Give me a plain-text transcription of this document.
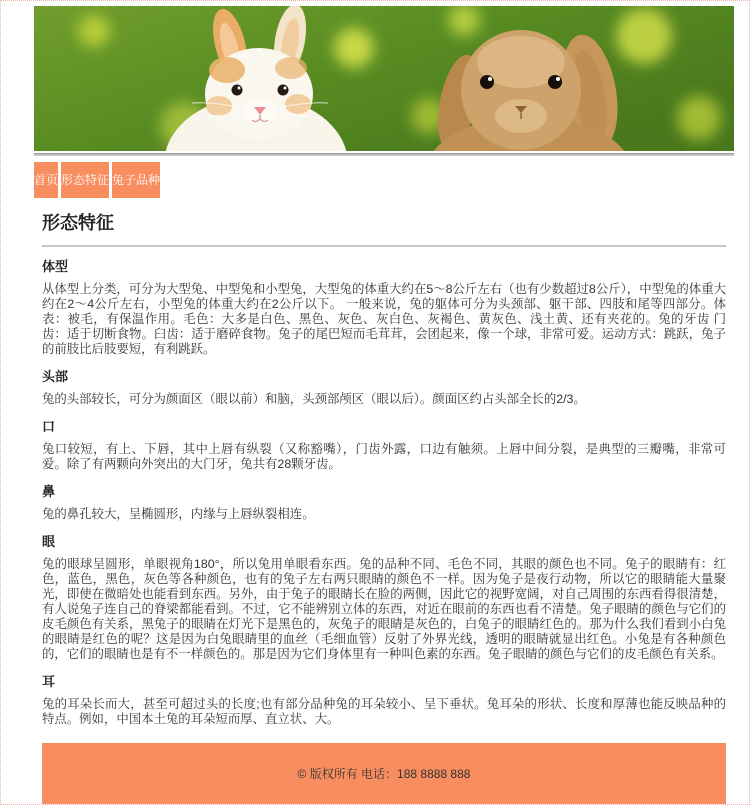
首页 形态特征 兔子品种
形态特征
体型

从体型上分类，可分为大型兔、中型兔和小型兔，大型兔的体重大约在5～8公斤左右（也有少数超过8公斤），中型兔的体重大约在2～4公斤左右，小型兔的体重大约在2公斤以下。 一般来说，兔的躯体可分为头颈部、躯干部、四肢和尾等四部分。体表：被毛，有保温作用。毛色：大多是白色、黑色、灰色、灰白色、灰褐色、黄灰色、浅土黄、还有夹花的。兔的牙齿 门齿：适于切断食物。臼齿：适于磨碎食物。兔子的尾巴短而毛茸茸，会团起来，像一个球，非常可爱。运动方式：跳跃，兔子的前肢比后肢要短，有利跳跃。

头部

兔的头部较长，可分为颜面区（眼以前）和脑，头颈部颅区（眼以后）。颜面区约占头部全长的2/3。

口

兔口较短，有上、下唇，其中上唇有纵裂（又称豁嘴），门齿外露，口边有触须。上唇中间分裂，是典型的三瓣嘴，非常可爱。除了有两颗向外突出的大门牙，兔共有28颗牙齿。

鼻

兔的鼻孔较大，呈椭圆形，内缘与上唇纵裂相连。

眼

兔的眼球呈圆形，单眼视角180°，所以兔用单眼看东西。兔的品种不同、毛色不同，其眼的颜色也不同。兔子的眼睛有：红色，蓝色，黑色，灰色等各种颜色，也有的兔子左右两只眼睛的颜色不一样。因为兔子是夜行动物，所以它的眼睛能大量聚光，即使在微暗处也能看到东西。另外，由于兔子的眼睛长在脸的两侧，因此它的视野宽阔，对自己周围的东西看得很清楚，有人说兔子连自己的脊梁都能看到。不过，它不能辨别立体的东西，对近在眼前的东西也看不清楚。兔子眼睛的颜色与它们的皮毛颜色有关系，黑兔子的眼睛在灯光下是黑色的，灰兔子的眼睛是灰色的，白兔子的眼睛红色的。那为什么我们看到小白兔的眼睛是红色的呢？这是因为白兔眼睛里的血丝（毛细血管）反射了外界光线，透明的眼睛就显出红色。小兔是有各种颜色的，它们的眼睛也是有不一样颜色的。那是因为它们身体里有一种叫色素的东西。兔子眼睛的颜色与它们的皮毛颜色有关系。

耳

兔的耳朵长而大，甚至可超过头的长度;也有部分品种兔的耳朵较小、呈下垂状。兔耳朵的形状、长度和厚薄也能反映品种的特点。例如，中国本土兔的耳朵短而厚、直立状、大。

© 版权所有 电话：188 8888 888
